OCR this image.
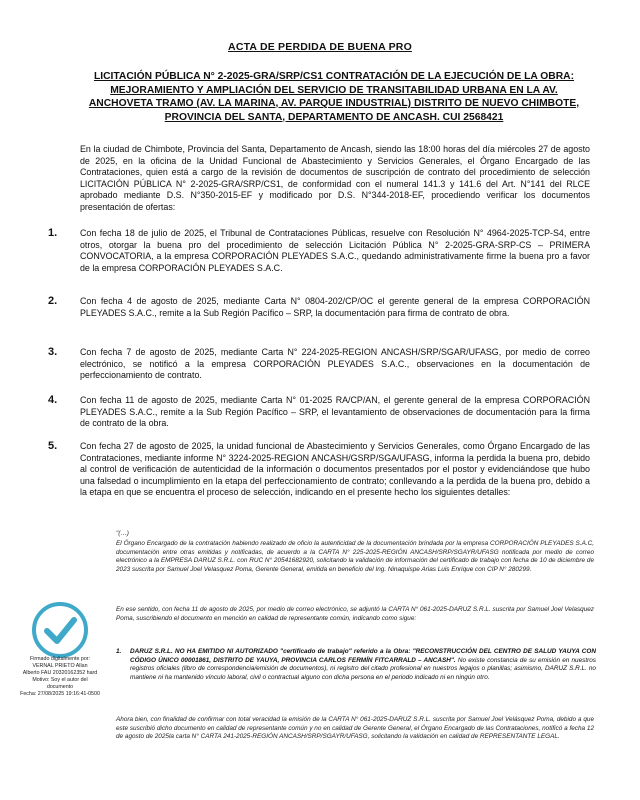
ACTA DE PERDIDA DE BUENA PRO
LICITACIÓN PÚBLICA N° 2-2025-GRA/SRP/CS1 CONTRATACIÓN DE LA EJECUCIÓN DE LA OBRA: MEJORAMIENTO Y AMPLIACIÓN DEL SERVICIO DE TRANSITABILIDAD URBANA EN LA AV. ANCHOVETA TRAMO (AV. LA MARINA, AV. PARQUE INDUSTRIAL) DISTRITO DE NUEVO CHIMBOTE, PROVINCIA DEL SANTA, DEPARTAMENTO DE ANCASH. CUI 2568421
En la ciudad de Chimbote, Provincia del Santa, Departamento de Ancash, siendo las 18:00 horas del día miércoles 27 de agosto de 2025, en la oficina de la Unidad Funcional de Abastecimiento y Servicios Generales, el Órgano Encargado de las Contrataciones, quien está a cargo de la revisión de documentos de suscripción de contrato del procedimiento de selección LICITACIÓN PÚBLICA N° 2-2025-GRA/SRP/CS1, de conformidad con el numeral 141.3 y 141.6 del Art. N°141 del RLCE aprobado mediante D.S. N°350-2015-EF y modificado por D.S. N°344-2018-EF, procediendo verificar los documentos presentación de ofertas:
1.	Con fecha 18 de julio de 2025, el Tribunal de Contrataciones Públicas, resuelve con Resolución N° 4964-2025-TCP-S4, entre otros, otorgar la buena pro del procedimiento de selección Licitación Pública N° 2-2025-GRA-SRP-CS – PRIMERA CONVOCATORIA, a la empresa CORPORACIÓN PLEYADES S.A.C., quedando administrativamente firme la buena pro a favor de la empresa CORPORACIÓN PLEYADES S.A.C.
2.	Con fecha 4 de agosto de 2025, mediante Carta N° 0804-202/CP/OC el gerente general de la empresa CORPORACIÓN PLEYADES S.A.C., remite a la Sub Región Pacífico – SRP, la documentación para firma de contrato de obra.
3.	Con fecha 7 de agosto de 2025, mediante Carta N° 224-2025-REGION ANCASH/SRP/SGAR/UFASG, por medio de correo electrónico, se notificó a la empresa CORPORACIÓN PLEYADES S.A.C., observaciones en la documentación de perfeccionamiento de contrato.
4.	Con fecha 11 de agosto de 2025, mediante Carta N° 01-2025 RA/CP/AN, el gerente general de la empresa CORPORACIÓN PLEYADES S.A.C., remite a la Sub Región Pacífico – SRP, el levantamiento de observaciones de documentación para la firma de contrato de la obra.
5.	Con fecha 27 de agosto de 2025, la unidad funcional de Abastecimiento y Servicios Generales, como Órgano Encargado de las Contrataciones, mediante informe N° 3224-2025-REGION ANCASH/GSRP/SGA/UFASG, informa la perdida la buena pro, debido al control de verificación de autenticidad de la información o documentos presentados por el postor y evidenciándose que hubo una falsedad o incumplimiento en la etapa del perfeccionamiento de contrato; conllevando a la perdida de la buena pro, debido a la etapa en que se encuentra el proceso de selección, indicando en el presente hecho los siguientes detalles:
"(…)
El Órgano Encargado de la contratación habiendo realizado de oficio la autenticidad de la documentación brindada por la empresa CORPORACIÓN PLEYADES S.A.C, documentación entre otras emitidas y notificadas, de acuerdo a la CARTA N° 225-2025-REGIÓN ANCASH/SRP/SGAYR/UFASG notificada por medio de correo electrónico a la EMPRESA DARUZ S.R.L. con RUC N° 20541682920, solicitando la validación de información del certificado de trabajo con fecha de 10 de diciembre de 2023 suscrita por Samuel Joel Velasquez Poma, Gerente General, emitida en beneficio del Ing. Ninaquispe Arias Luis Enrique con CIP N° 280299.
En ese sentido, con fecha 11 de agosto de 2025, por medio de correo electrónico, se adjuntó la CARTA N° 061-2025-DARUZ S.R.L. suscrita por Samuel Joel Velasquez Poma, suscribiendo el documento en mención en calidad de representante común, indicando como sigue:
1. DARUZ S.R.L. NO HA EMITIDO NI AUTORIZADO "certificado de trabajo" referido a la Obra: "RECONSTRUCCIÓN DEL CENTRO DE SALUD YAUYA CON CÓDIGO ÚNICO 00001861, DISTRITO DE YAUYA, PROVINCIA CARLOS FERMÍN FITCARRALD – ANCASH". No existe constancia de su emisión en nuestros registros oficiales (libro de correspondencia/emisión de documentos), ni registro del citado profesional en nuestros legajos o planillas; asimismo, DARUZ S.R.L. no mantiene ni ha mantenido vínculo laboral, civil o contractual alguno con dicha persona en el periodo indicado ni en ningún otro.
Ahora bien, con finalidad de confirmar con total veracidad la emisión de la CARTA N° 061-2025-DARUZ S.R.L. suscrita por Samuel Joel Velásquez Poma, debido a que este suscribió dicho documento en calidad de representante común y no en calidad de Gerente General, el Órgano Encargado de las Contrataciones, notificó a fecha 12 de agosto de 2025la carta N° CARTA 241-2025-REGIÓN ANCASH/SRP/SGAYR/UFASG, solicitando la validación en calidad de REPRESENTANTE LEGAL.
Firmado digitalmente por:
VERNAL PRIETO Allan
Alberto FAU 20320162352 hard
Motivo: Soy el autor del
documento
Fecha: 27/08/2025 19:16:41-0500
